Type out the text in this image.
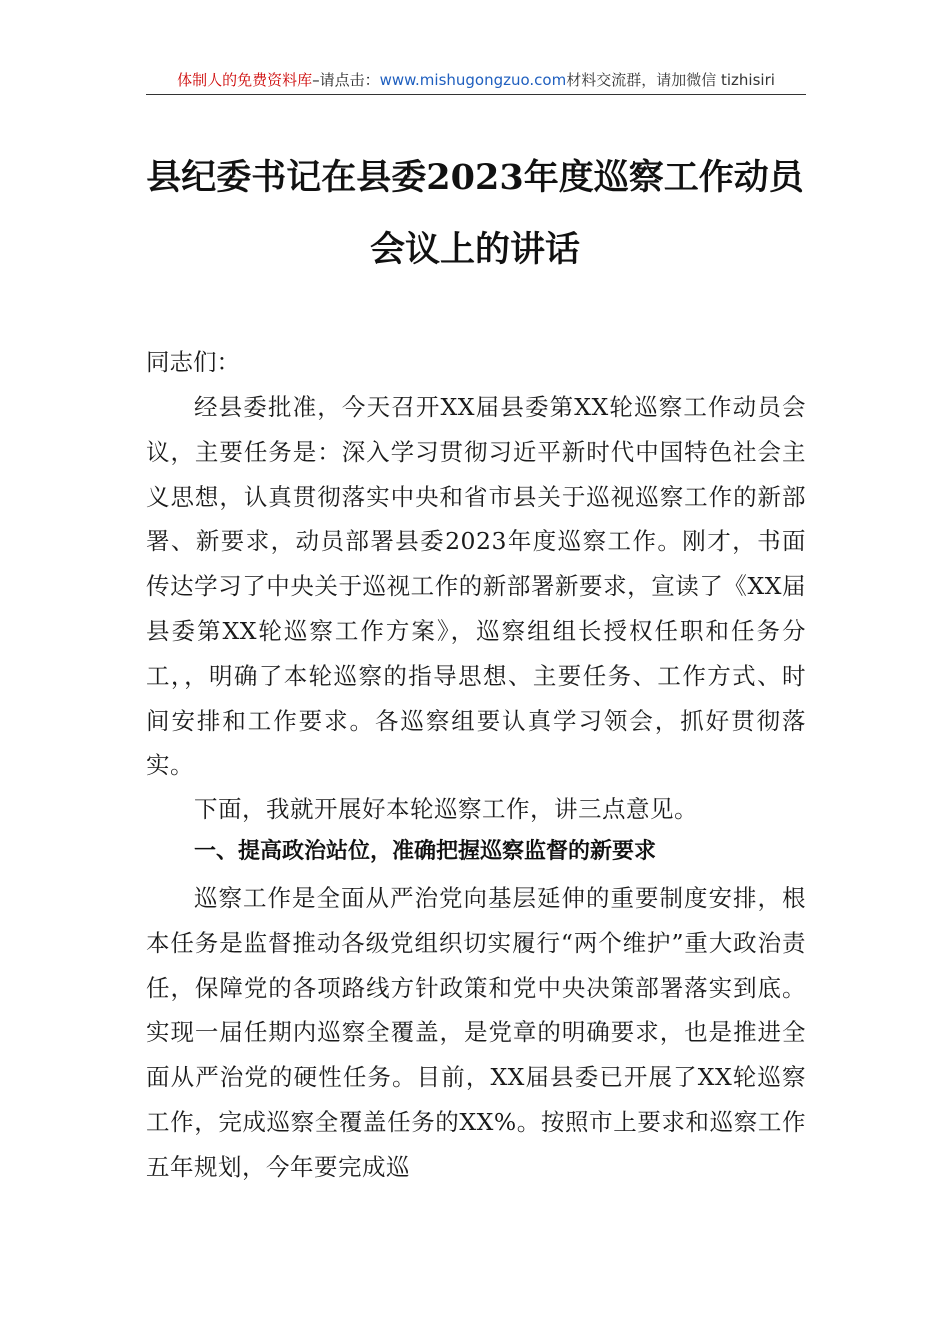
体制人的免费资料库–请点击：www.mishugongzuo.com材料交流群，请加微信 tizhisiri
县纪委书记在县委2023年度巡察工作动员
会议上的讲话
同志们：
经县委批准，今天召开XX届县委第XX轮巡察工作动员会议，主要任务是：深入学习贯彻习近平新时代中国特色社会主义思想，认真贯彻落实中央和省市县关于巡视巡察工作的新部署、新要求，动员部署县委2023年度巡察工作。刚才，书面传达学习了中央关于巡视工作的新部署新要求，宣读了《XX届县委第XX轮巡察工作方案》，巡察组组长授权任职和任务分工，，明确了本轮巡察的指导思想、主要任务、工作方式、时间安排和工作要求。各巡察组要认真学习领会，抓好贯彻落实。
下面，我就开展好本轮巡察工作，讲三点意见。
一、提高政治站位，准确把握巡察监督的新要求
巡察工作是全面从严治党向基层延伸的重要制度安排，根本任务是监督推动各级党组织切实履行“两个维护”重大政治责任，保障党的各项路线方针政策和党中央决策部署落实到底。实现一届任期内巡察全覆盖，是党章的明确要求，也是推进全面从严治党的硬性任务。目前，XX届县委已开展了XX轮巡察工作，完成巡察全覆盖任务的XX%。按照市上要求和巡察工作五年规划，今年要完成巡
